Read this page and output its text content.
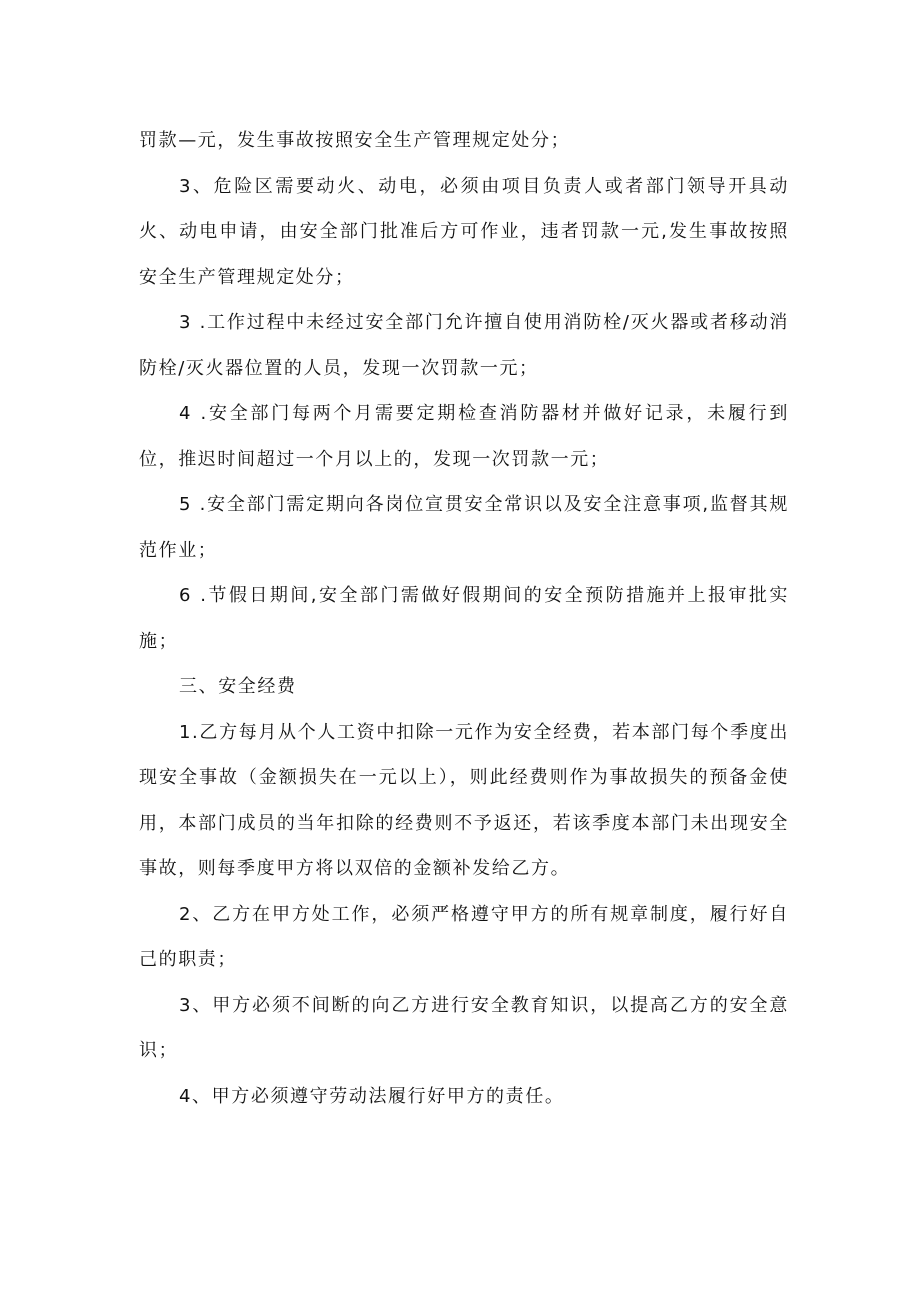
罚款—元，发生事故按照安全生产管理规定处分；

3、危险区需要动火、动电，必须由项目负责人或者部门领导开具动火、动电申请，由安全部门批准后方可作业，违者罚款一元,发生事故按照安全生产管理规定处分；

3 .工作过程中未经过安全部门允许擅自使用消防栓/灭火器或者移动消防栓/灭火器位置的人员，发现一次罚款一元；

4 .安全部门每两个月需要定期检查消防器材并做好记录，未履行到位，推迟时间超过一个月以上的，发现一次罚款一元；

5 .安全部门需定期向各岗位宣贯安全常识以及安全注意事项,监督其规范作业；

6 .节假日期间,安全部门需做好假期间的安全预防措施并上报审批实施；

三、安全经费

1.乙方每月从个人工资中扣除一元作为安全经费，若本部门每个季度出现安全事故（金额损失在一元以上），则此经费则作为事故损失的预备金使用，本部门成员的当年扣除的经费则不予返还，若该季度本部门未出现安全事故，则每季度甲方将以双倍的金额补发给乙方。

2、乙方在甲方处工作，必须严格遵守甲方的所有规章制度，履行好自己的职责；

3、甲方必须不间断的向乙方进行安全教育知识，以提高乙方的安全意识；

4、甲方必须遵守劳动法履行好甲方的责任。
